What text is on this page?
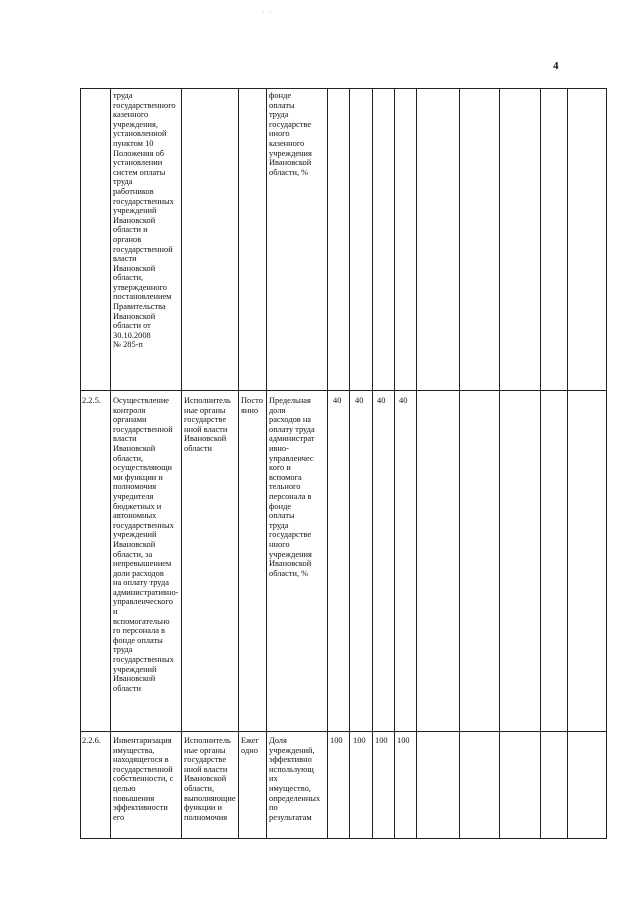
· ·
4
труда
государственного
казенного
учреждения,
установленной
пунктом 10
Положения об
установлении
систем оплаты
труда
работников
государственных
учреждений
Ивановской
области и
органов
государственной
власти
Ивановской
области,
утвержденного
постановлением
Правительства
Ивановской
области от
30.10.2008
№ 285-п
фонде
оплаты
труда
государстве
нного
казенного
учреждения
Ивановской
области, %
2.2.5.	Осуществление
контроля
органами
государственной
власти
Ивановской
области,
осуществляющи
ми функции и
полномочия
учредителя
бюджетных и
автономных
государственных
учреждений
Ивановской
области, за
непревышением
доли расходов
на оплату труда
административно-
управленческого и
вспомогательно
го персонала в
фонде оплаты
труда
государственных
учреждений
Ивановской
области
Исполнитель
ные органы
государстве
нной власти
Ивановской
области
Посто
янно
Предельная
доля
расходов на
оплату труда
администрат
ивно-
управленчес
кого и
вспомога
тельного
персонала в
фонде
оплаты
труда
государстве
нного
учреждения
Ивановской
области, %
40 40 40 40
2.2.6.	Инвентаризация
имущества,
находящегося в
государственной
собственности, с
целью
повышения
эффективности
его
Исполнитель
ные органы
государстве
нной власти
Ивановской
области,
выполняющие
функции и
полномочия
Ежег
одно
Доля
учреждений,
эффективно
использующ
их
имущество,
определенных
по
результатам
100 100 100 100
